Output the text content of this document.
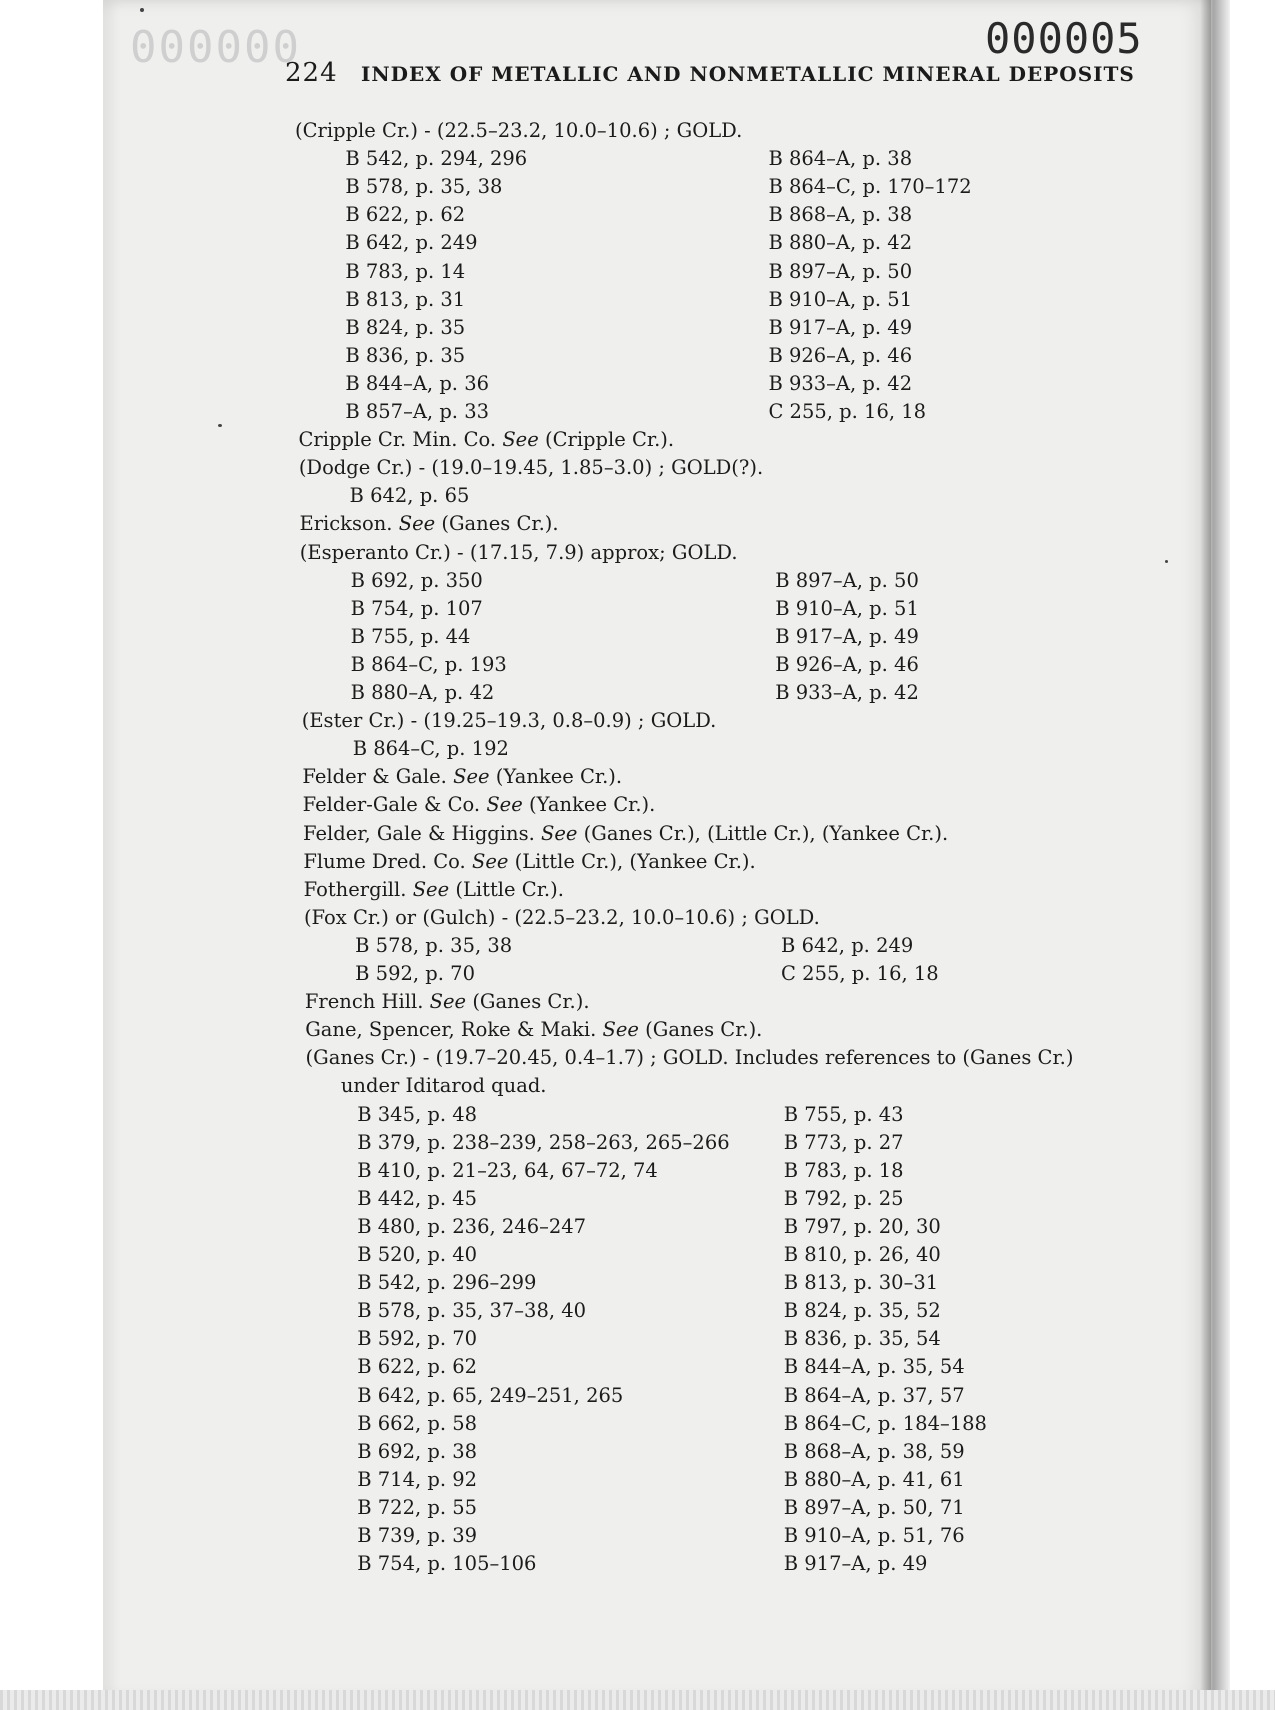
000000	000005
224 INDEX OF METALLIC AND NONMETALLIC MINERAL DEPOSITS
(Cripple Cr.) - (22.5–23.2, 10.0–10.6) ; GOLD.
B 542, p. 294, 296
B 578, p. 35, 38
B 622, p. 62
B 642, p. 249
B 783, p. 14
B 813, p. 31
B 824, p. 35
B 836, p. 35
B 844–A, p. 36
B 857–A, p. 33
B 864–A, p. 38
B 864–C, p. 170–172
B 868–A, p. 38
B 880–A, p. 42
B 897–A, p. 50
B 910–A, p. 51
B 917–A, p. 49
B 926–A, p. 46
B 933–A, p. 42
C 255, p. 16, 18
Cripple Cr. Min. Co. See (Cripple Cr.).
(Dodge Cr.) - (19.0–19.45, 1.85–3.0) ; GOLD(?).
B 642, p. 65
Erickson. See (Ganes Cr.).
(Esperanto Cr.) - (17.15, 7.9) approx; GOLD.
B 692, p. 350
B 754, p. 107
B 755, p. 44
B 864–C, p. 193
B 880–A, p. 42
B 897–A, p. 50
B 910–A, p. 51
B 917–A, p. 49
B 926–A, p. 46
B 933–A, p. 42
(Ester Cr.) - (19.25–19.3, 0.8–0.9) ; GOLD.
B 864–C, p. 192
Felder & Gale. See (Yankee Cr.).
Felder-Gale & Co. See (Yankee Cr.).
Felder, Gale & Higgins. See (Ganes Cr.), (Little Cr.), (Yankee Cr.).
Flume Dred. Co. See (Little Cr.), (Yankee Cr.).
Fothergill. See (Little Cr.).
(Fox Cr.) or (Gulch) - (22.5–23.2, 10.0–10.6) ; GOLD.
B 578, p. 35, 38
B 592, p. 70
B 642, p. 249
C 255, p. 16, 18
French Hill. See (Ganes Cr.).
Gane, Spencer, Roke & Maki. See (Ganes Cr.).
(Ganes Cr.) - (19.7–20.45, 0.4–1.7) ; GOLD. Includes references to (Ganes Cr.)
under Iditarod quad.
B 345, p. 48
B 379, p. 238–239, 258–263, 265–266
B 410, p. 21–23, 64, 67–72, 74
B 442, p. 45
B 480, p. 236, 246–247
B 520, p. 40
B 542, p. 296–299
B 578, p. 35, 37–38, 40
B 592, p. 70
B 622, p. 62
B 642, p. 65, 249–251, 265
B 662, p. 58
B 692, p. 38
B 714, p. 92
B 722, p. 55
B 739, p. 39
B 754, p. 105–106
B 755, p. 43
B 773, p. 27
B 783, p. 18
B 792, p. 25
B 797, p. 20, 30
B 810, p. 26, 40
B 813, p. 30–31
B 824, p. 35, 52
B 836, p. 35, 54
B 844–A, p. 35, 54
B 864–A, p. 37, 57
B 864–C, p. 184–188
B 868–A, p. 38, 59
B 880–A, p. 41, 61
B 897–A, p. 50, 71
B 910–A, p. 51, 76
B 917–A, p. 49
